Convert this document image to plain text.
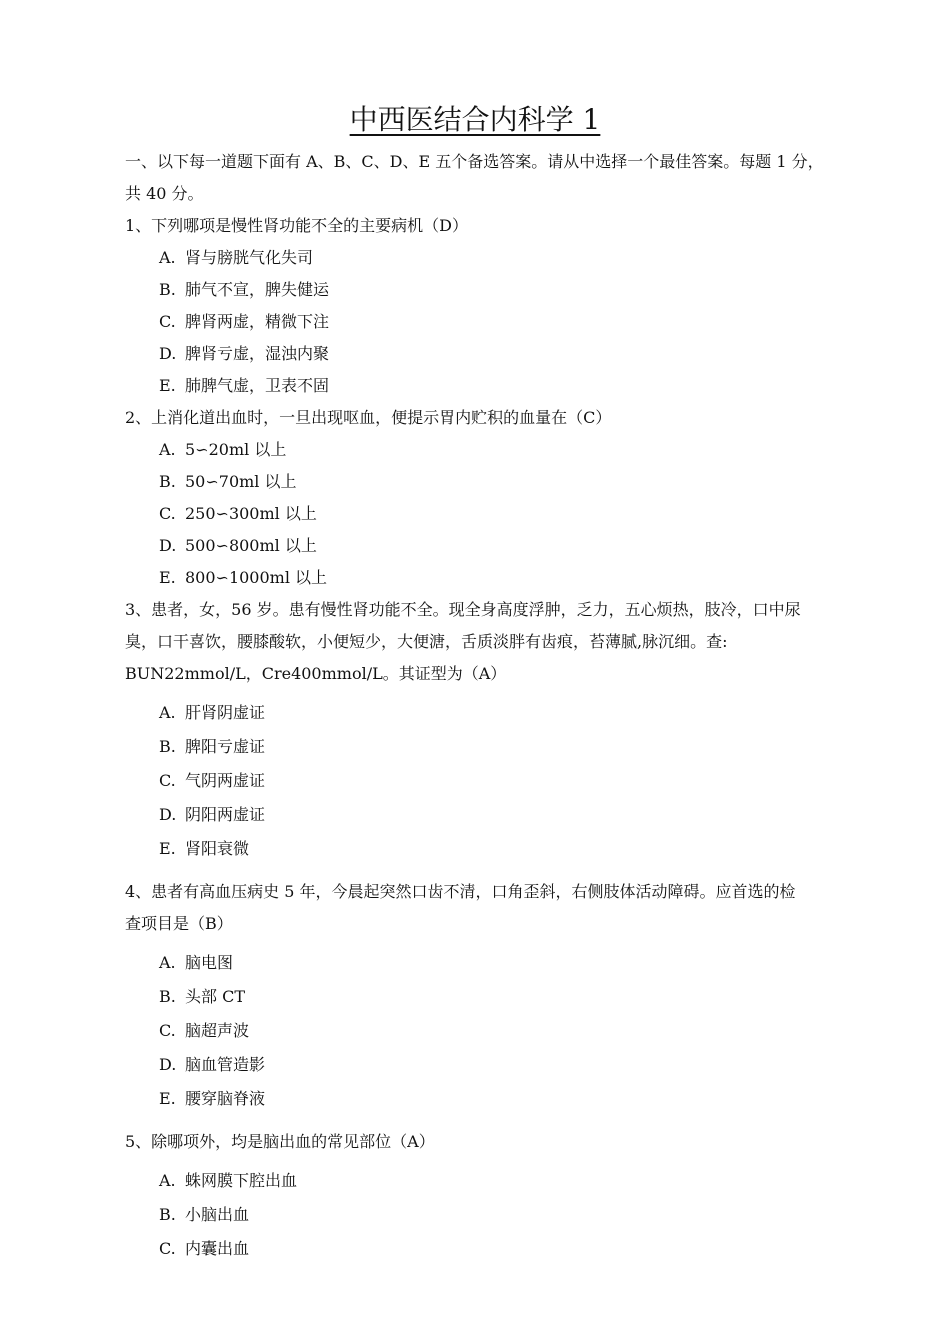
中西医结合内科学 1

一、以下每一道题下面有 A、B、C、D、E 五个备选答案。请从中选择一个最佳答案。每题 1 分，

共 40 分。

1、下列哪项是慢性肾功能不全的主要病机（D）

A. 肾与膀胱气化失司
B. 肺气不宣，脾失健运
C. 脾肾两虚，精微下注
D. 脾肾亏虚，湿浊内聚
E. 肺脾气虚，卫表不固

2、上消化道出血时，一旦出现呕血，便提示胃内贮积的血量在（C）

A. 5∽20ml 以上
B. 50∽70ml 以上
C. 250∽300ml 以上
D. 500∽800ml 以上
E. 800∽1000ml 以上

3、患者，女，56 岁。患有慢性肾功能不全。现全身高度浮肿，乏力，五心烦热，肢冷，口中尿

臭，口干喜饮，腰膝酸软，小便短少，大便溏，舌质淡胖有齿痕，苔薄腻,脉沉细。查:

BUN22mmol/L，Cre400mmol/L。其证型为（A）

A. 肝肾阴虚证
B. 脾阳亏虚证
C. 气阴两虚证
D. 阴阳两虚证
E. 肾阳衰微

4、患者有高血压病史 5 年，今晨起突然口齿不清，口角歪斜，右侧肢体活动障碍。应首选的检

查项目是（B）

A. 脑电图
B. 头部 CT
C. 脑超声波
D. 脑血管造影
E. 腰穿脑脊液

5、除哪项外，均是脑出血的常见部位（A）

A. 蛛网膜下腔出血
B. 小脑出血
C. 内囊出血
